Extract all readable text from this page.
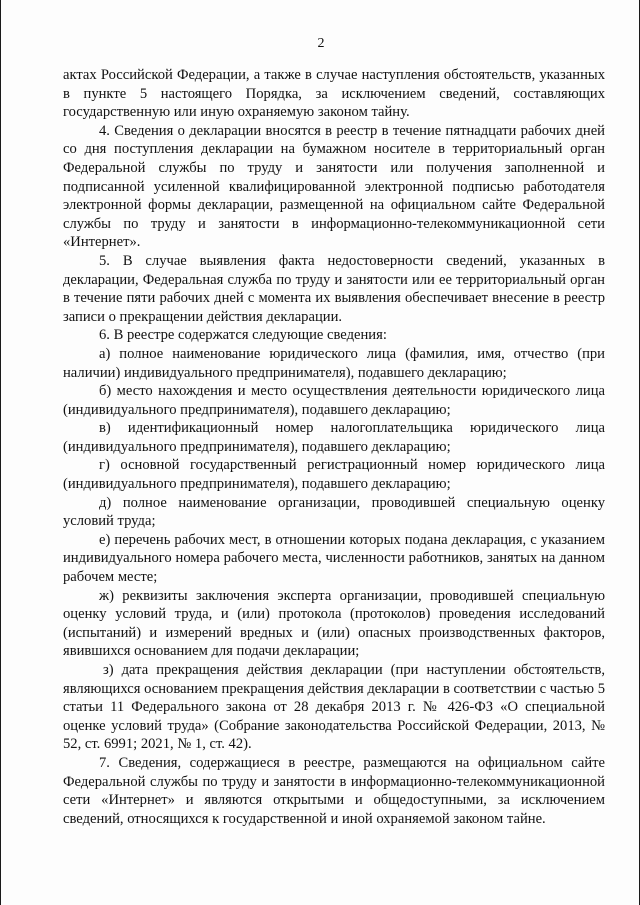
2

актах Российской Федерации, а также в случае наступления обстоятельств, указанных в пункте 5 настоящего Порядка, за исключением сведений, составляющих государственную или иную охраняемую законом тайну.

4. Сведения о декларации вносятся в реестр в течение пятнадцати рабочих дней со дня поступления декларации на бумажном носителе в территориальный орган Федеральной службы по труду и занятости или получения заполненной и подписанной усиленной квалифицированной электронной подписью работодателя электронной формы декларации, размещенной на официальном сайте Федеральной службы по труду и занятости в информационно-телекоммуникационной сети «Интернет».

5. В случае выявления факта недостоверности сведений, указанных в декларации, Федеральная служба по труду и занятости или ее территориальный орган в течение пяти рабочих дней с момента их выявления обеспечивает внесение в реестр записи о прекращении действия декларации.

6. В реестре содержатся следующие сведения:

а) полное наименование юридического лица (фамилия, имя, отчество (при наличии) индивидуального предпринимателя), подавшего декларацию;

б) место нахождения и место осуществления деятельности юридического лица (индивидуального предпринимателя), подавшего декларацию;

в) идентификационный номер налогоплательщика юридического лица (индивидуального предпринимателя), подавшего декларацию;

г) основной государственный регистрационный номер юридического лица (индивидуального предпринимателя), подавшего декларацию;

д) полное наименование организации, проводившей специальную оценку условий труда;

е) перечень рабочих мест, в отношении которых подана декларация, с указанием индивидуального номера рабочего места, численности работников, занятых на данном рабочем месте;

ж) реквизиты заключения эксперта организации, проводившей специальную оценку условий труда, и (или) протокола (протоколов) проведения исследований (испытаний) и измерений вредных и (или) опасных производственных факторов, явившихся основанием для подачи декларации;

з) дата прекращения действия декларации (при наступлении обстоятельств, являющихся основанием прекращения действия декларации в соответствии с частью 5 статьи 11 Федерального закона от 28 декабря 2013 г. № 426-ФЗ «О специальной оценке условий труда» (Собрание законодательства Российской Федерации, 2013, № 52, ст. 6991; 2021, № 1, ст. 42).

7. Сведения, содержащиеся в реестре, размещаются на официальном сайте Федеральной службы по труду и занятости в информационно-телекоммуникационной сети «Интернет» и являются открытыми и общедоступными, за исключением сведений, относящихся к государственной и иной охраняемой законом тайне.
